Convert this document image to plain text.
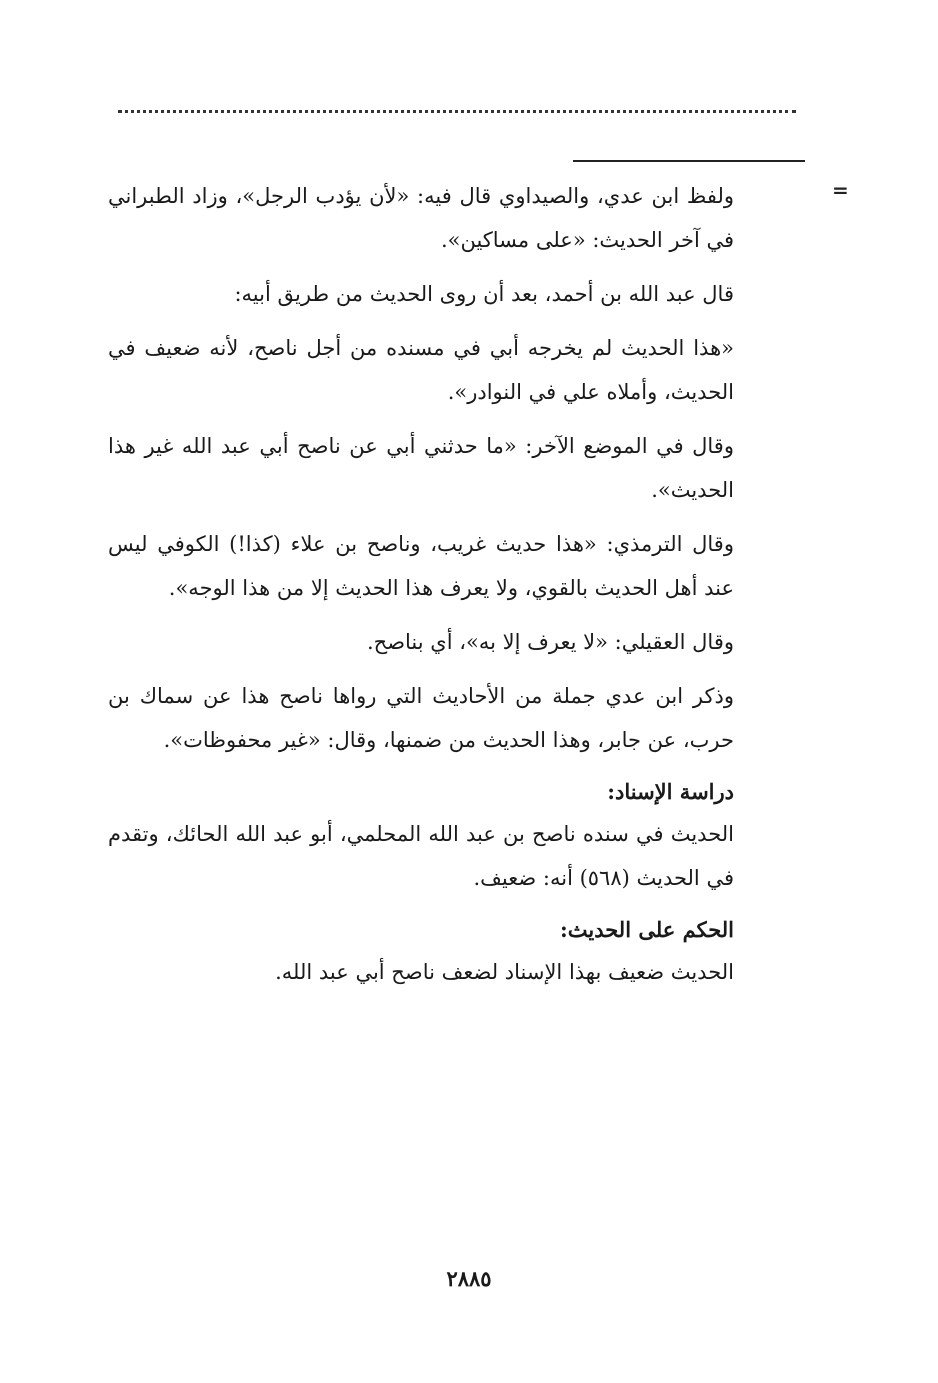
=

ولفظ ابن عدي، والصيداوي قال فيه: «لأن يؤدب الرجل»، وزاد الطبراني في آخر الحديث: «على مساكين».

قال عبد الله بن أحمد، بعد أن روى الحديث من طريق أبيه:

«هذا الحديث لم يخرجه أبي في مسنده من أجل ناصح، لأنه ضعيف في الحديث، وأملاه علي في النوادر».

وقال في الموضع الآخر: «ما حدثني أبي عن ناصح أبي عبد الله غير هذا الحديث».

وقال الترمذي: «هذا حديث غريب، وناصح بن علاء (كذا!) الكوفي ليس عند أهل الحديث بالقوي، ولا يعرف هذا الحديث إلا من هذا الوجه».

وقال العقيلي: «لا يعرف إلا به»، أي بناصح.

وذكر ابن عدي جملة من الأحاديث التي رواها ناصح هذا عن سماك بن حرب، عن جابر، وهذا الحديث من ضمنها، وقال: «غير محفوظات».

دراسة الإسناد:

الحديث في سنده ناصح بن عبد الله المحلمي، أبو عبد الله الحائك، وتقدم في الحديث (٥٦٨) أنه: ضعيف.

الحكم على الحديث:

الحديث ضعيف بهذا الإسناد لضعف ناصح أبي عبد الله.

٢٨٨٥
